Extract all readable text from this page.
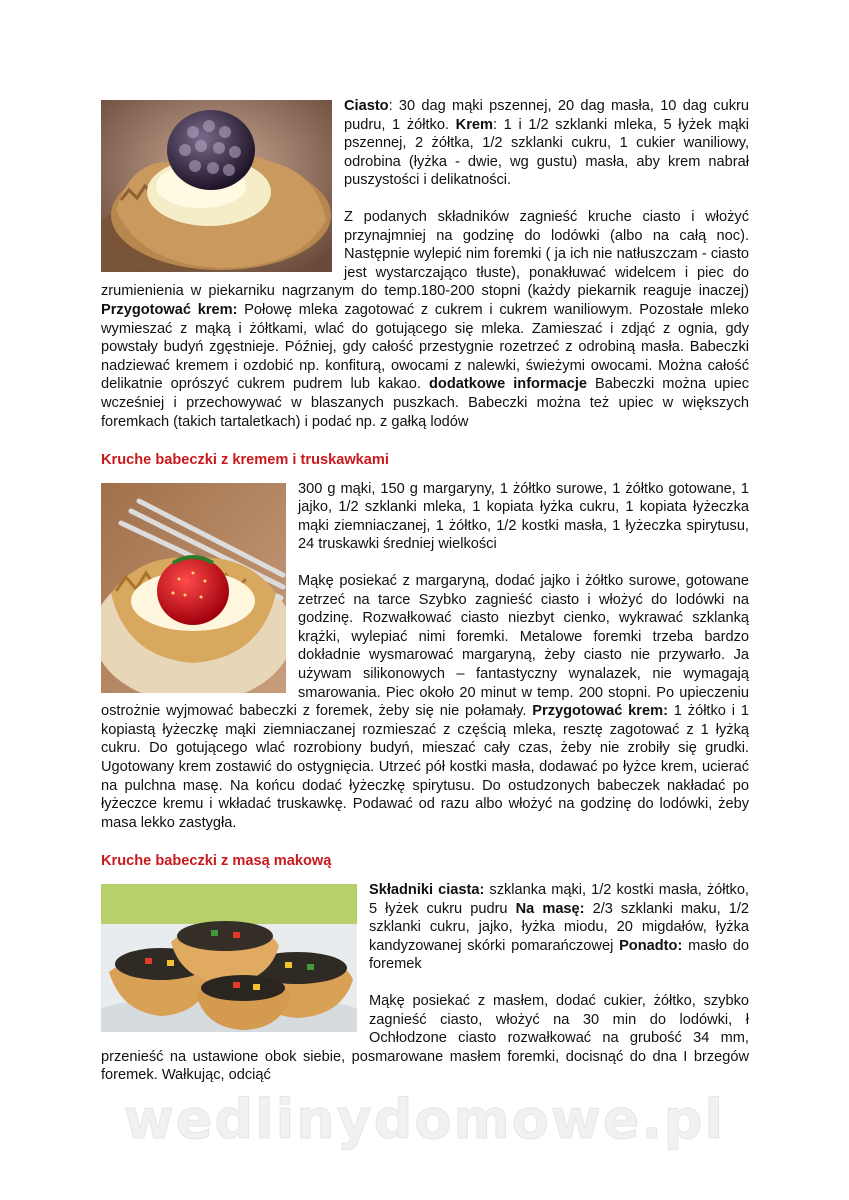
Ciasto: 30 dag mąki pszennej, 20 dag masła, 10 dag cukru pudru, 1 żółtko. Krem: 1 i 1/2 szklanki mleka, 5 łyżek mąki pszennej, 2 żółtka, 1/2 szklanki cukru, 1 cukier waniliowy, odrobina (łyżka - dwie, wg gustu) masła, aby krem nabrał puszystości i delikatności.

Z podanych składników zagnieść kruche ciasto i włożyć przynajmniej na godzinę do lodówki (albo na całą noc). Następnie wylepić nim foremki ( ja ich nie natłuszczam - ciasto jest wystarczająco tłuste), ponakłuwać widelcem i piec do zrumienienia w piekarniku nagrzanym do temp.180-200 stopni (każdy piekarnik reaguje inaczej) Przygotować krem: Połowę mleka zagotować z cukrem i cukrem waniliowym. Pozostałe mleko wymieszać z mąką i żółtkami, wlać do gotującego się mleka. Zamieszać i zdjąć z ognia, gdy powstały budyń zgęstnieje. Później, gdy całość przestygnie rozetrzeć z odrobiną masła. Babeczki nadziewać kremem i ozdobić np. konfiturą, owocami z nalewki, świeżymi owocami. Można całość delikatnie oprószyć cukrem pudrem lub kakao. dodatkowe informacje Babeczki można upiec wcześniej i przechowywać w blaszanych puszkach. Babeczki można też upiec w większych foremkach (takich tartaletkach) i podać np. z gałką lodów

Kruche babeczki z kremem i truskawkami

300 g mąki, 150 g margaryny, 1 żółtko surowe, 1 żółtko gotowane, 1 jajko, 1/2 szklanki mleka, 1 kopiata łyżka cukru, 1 kopiata łyżeczka mąki ziemniaczanej, 1 żółtko, 1/2 kostki masła, 1 łyżeczka spirytusu, 24 truskawki średniej wielkości

Mąkę posiekać z margaryną, dodać jajko i żółtko surowe, gotowane zetrzeć na tarce Szybko zagnieść ciasto i włożyć do lodówki na godzinę. Rozwałkować ciasto niezbyt cienko, wykrawać szklanką krążki, wylepiać nimi foremki. Metalowe foremki trzeba bardzo dokładnie wysmarować margaryną, żeby ciasto nie przywarło. Ja używam silikonowych – fantastyczny wynalazek, nie wymagają smarowania. Piec około 20 minut w temp. 200 stopni. Po upieczeniu ostrożnie wyjmować babeczki z foremek, żeby się nie połamały. Przygotować krem: 1 żółtko i 1 kopiastą łyżeczkę mąki ziemniaczanej rozmieszać z częścią mleka, resztę zagotować z 1 łyżką cukru. Do gotującego wlać rozrobiony budyń, mieszać cały czas, żeby nie zrobiły się grudki. Ugotowany krem zostawić do ostygnięcia. Utrzeć pół kostki masła, dodawać po łyżce krem, ucierać na pulchna masę. Na końcu dodać łyżeczkę spirytusu. Do ostudzonych babeczek nakładać po łyżeczce kremu i wkładać truskawkę. Podawać od razu albo włożyć na godzinę do lodówki, żeby masa lekko zastygła.

Kruche babeczki z masą makową

Składniki ciasta: szklanka mąki, 1/2 kostki masła, żółtko, 5 łyżek cukru pudru Na masę: 2/3 szklanki maku, 1/2 szklanki cukru, jajko, łyżka miodu, 20 migdałów, łyżka kandyzowanej skórki pomarańczowej Ponadto: masło do foremek

Mąkę posiekać z masłem, dodać cukier, żółtko, szybko zagnieść ciasto, włożyć na 30 min do lodówki, ł Ochłodzone ciasto rozwałkować na grubość 34 mm, przenieść na ustawione obok siebie, posmarowane masłem foremki, docisnąć do dna I brzegów foremek. Wałkując, odciąć

wedlinydomowe.pl
